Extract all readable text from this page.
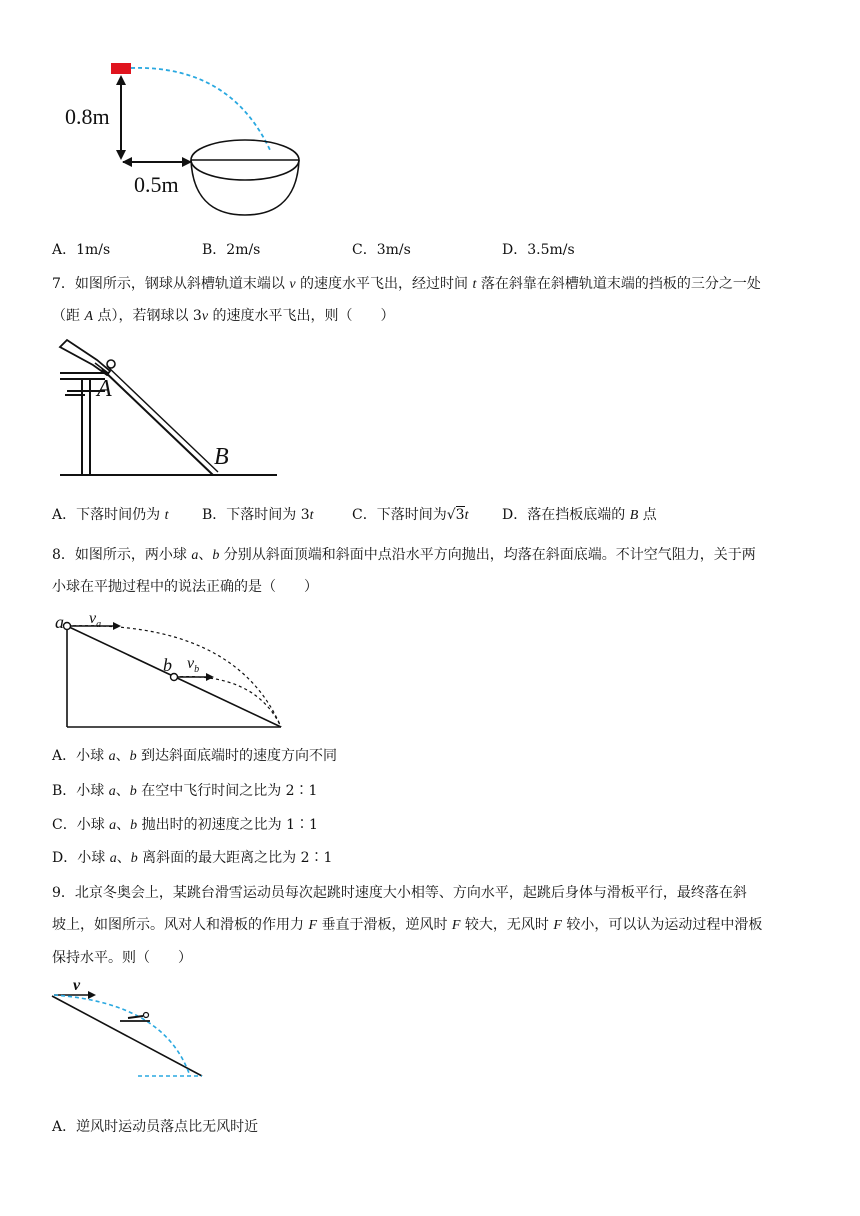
0.8m
0.5m
A．1m/s	B．2m/s	C．3m/s	D．3.5m/s
7．如图所示，钢球从斜槽轨道末端以 v 的速度水平飞出，经过时间 t 落在斜靠在斜槽轨道末端的挡板的三分之一处
（距 A 点），若钢球以 3v 的速度水平飞出，则（　　）
A
B
A．下落时间仍为 t B．下落时间为 3t	C．下落时间为√3t D．落在挡板底端的 B 点
8．如图所示，两小球 a、b 分别从斜面顶端和斜面中点沿水平方向抛出，均落在斜面底端。不计空气阻力，关于两
小球在平抛过程中的说法正确的是（　　）
a $v_a$
b $v_b$
A．小球 a、b 到达斜面底端时的速度方向不同
B．小球 a、b 在空中飞行时间之比为 2∶1
C．小球 a、b 抛出时的初速度之比为 1∶1
D．小球 a、b 离斜面的最大距离之比为 2∶1
9．北京冬奥会上，某跳台滑雪运动员每次起跳时速度大小相等、方向水平，起跳后身体与滑板平行，最终落在斜
坡上，如图所示。风对人和滑板的作用力 F 垂直于滑板，逆风时 F 较大，无风时 F 较小，可以认为运动过程中滑板
保持水平。则（　　）
v
A．逆风时运动员落点比无风时近
